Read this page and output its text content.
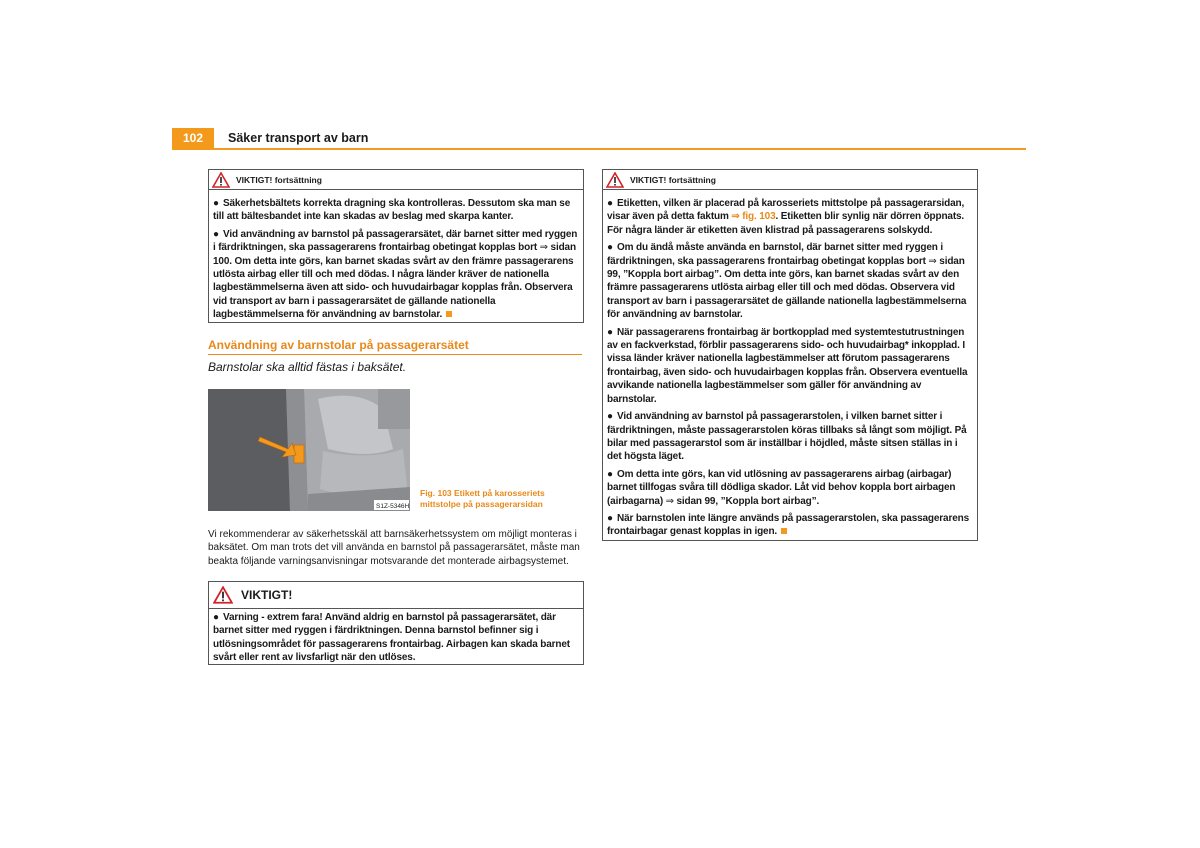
102	Säker transport av barn
VIKTIGT! fortsättning

● Säkerhetsbältets korrekta dragning ska kontrolleras. Dessutom ska man se till att bältesbandet inte kan skadas av beslag med skarpa kanter.

● Vid användning av barnstol på passagerarsätet, där barnet sitter med ryggen i färdriktningen, ska passagerarens frontairbag obetingat kopplas bort ⇒ sidan 100. Om detta inte görs, kan barnet skadas svårt av den främre passagerarens utlösta airbag eller till och med dödas. I några länder kräver de nationella lagbestämmelserna även att sido- och huvudairbagar kopplas från. Observera vid transport av barn i passagerarsätet de gällande nationella lagbestämmelserna för användning av barnstolar.

Användning av barnstolar på passagerarsätet
Barnstolar ska alltid fästas i baksätet.
S1Z-5346H
Fig. 103 Etikett på karosseriets mittstolpe på passagerarsidan
Vi rekommenderar av säkerhetsskäl att barnsäkerhetssystem om möjligt monteras i baksätet. Om man trots det vill använda en barnstol på passagerarsätet, måste man beakta följande varningsanvisningar motsvarande det monterade airbagsystemet.
VIKTIGT!

● Varning - extrem fara! Använd aldrig en barnstol på passagerarsätet, där barnet sitter med ryggen i färdriktningen. Denna barnstol befinner sig i utlösningsområdet för passagerarens frontairbag. Airbagen kan skada barnet svårt eller rent av livsfarligt när den utlöses.

VIKTIGT! fortsättning

● Etiketten, vilken är placerad på karosseriets mittstolpe på passagerarsidan, visar även på detta faktum ⇒ fig. 103. Etiketten blir synlig när dörren öppnats. För några länder är etiketten även klistrad på passagerarens solskydd.

● Om du ändå måste använda en barnstol, där barnet sitter med ryggen i färdriktningen, ska passagerarens frontairbag obetingat kopplas bort ⇒ sidan 99, ”Koppla bort airbag”. Om detta inte görs, kan barnet skadas svårt av den främre passagerarens utlösta airbag eller till och med dödas. Observera vid transport av barn i passagerarsätet de gällande nationella lagbestämmelserna för användning av barnstolar.

● När passagerarens frontairbag är bortkopplad med systemtestutrustningen av en fackverkstad, förblir passagerarens sido- och huvudairbag* inkopplad. I vissa länder kräver nationella lagbestämmelser att förutom passagerarens frontairbag, även sido- och huvudairbagen kopplas från. Observera eventuella avvikande nationella lagbestämmelser som gäller för användning av barnstolar.

● Vid användning av barnstol på passagerarstolen, i vilken barnet sitter i färdriktningen, måste passagerarstolen köras tillbaks så långt som möjligt. På bilar med passagerarstol som är inställbar i höjdled, måste sitsen ställas in i det högsta läget.

● Om detta inte görs, kan vid utlösning av passagerarens airbag (airbagar) barnet tillfogas svåra till dödliga skador. Låt vid behov koppla bort airbagen (airbagarna) ⇒ sidan 99, ”Koppla bort airbag”.

● När barnstolen inte längre används på passagerarstolen, ska passagerarens frontairbagar genast kopplas in igen.
